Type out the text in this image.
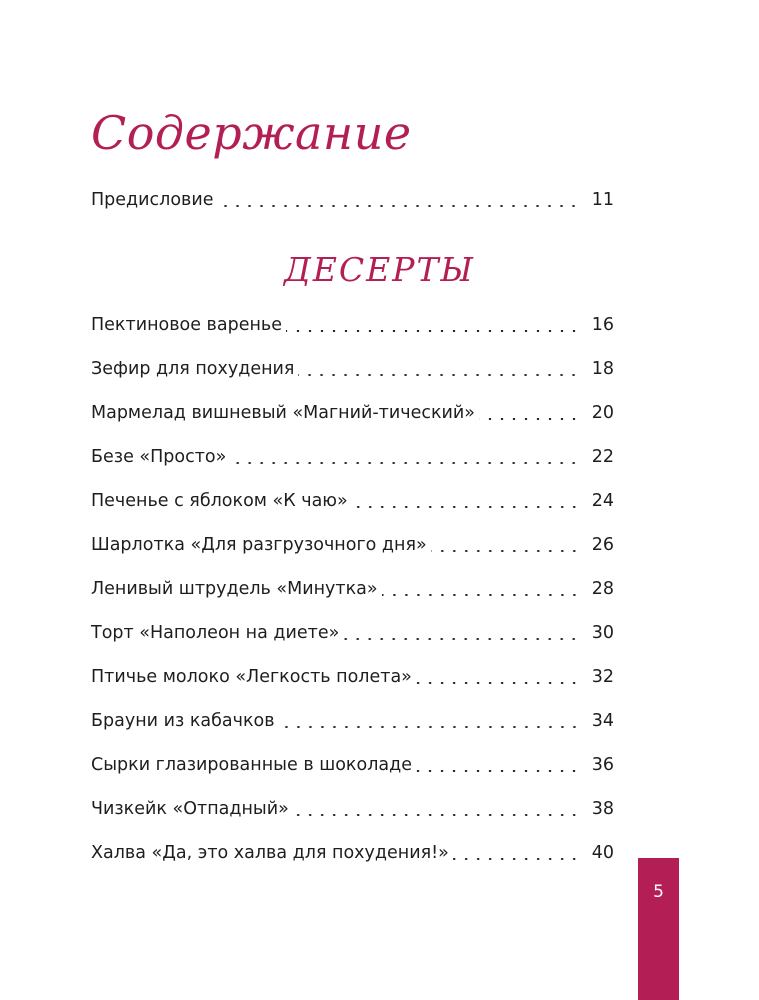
Содержание
Предисловие	11
ДЕСЕРТЫ
Пектиновое варенье	16
Зефир для похудения	18
Мармелад вишневый «Магний-тический»	20
Безе «Просто»	22
Печенье с яблоком «К чаю»	24
Шарлотка «Для разгрузочного дня»	26
Ленивый штрудель «Минутка»	28
Торт «Наполеон на диете»	30
Птичье молоко «Легкость полета»	32
Брауни из кабачков	34
Сырки глазированные в шоколаде	36
Чизкейк «Отпадный»	38
Халва «Да, это халва для похудения!»	40
5
